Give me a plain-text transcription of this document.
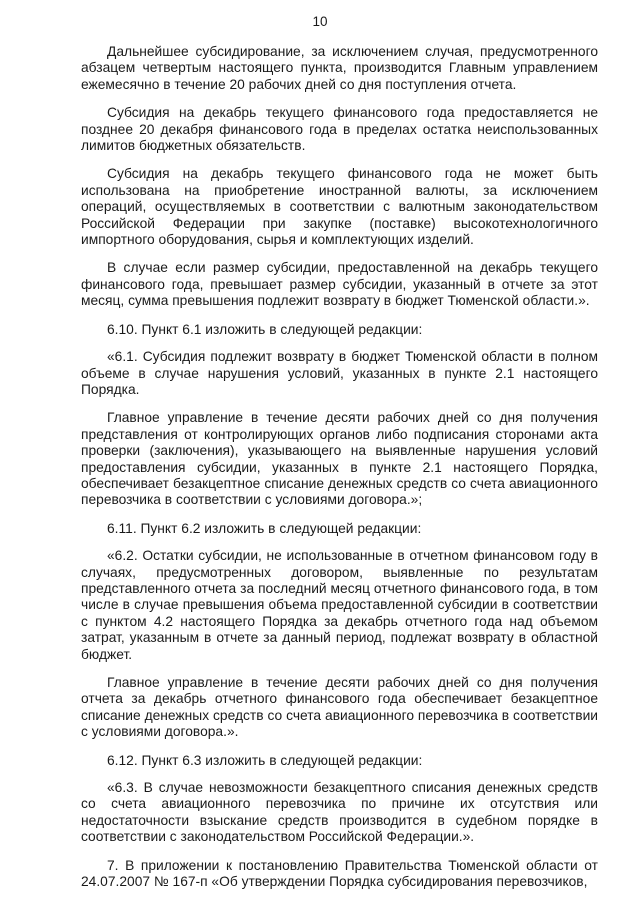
10

Дальнейшее субсидирование, за исключением случая, предусмотренного абзацем четвертым настоящего пункта, производится Главным управлением ежемесячно в течение 20 рабочих дней со дня поступления отчета.

Субсидия на декабрь текущего финансового года предоставляется не позднее 20 декабря финансового года в пределах остатка неиспользованных лимитов бюджетных обязательств.

Субсидия на декабрь текущего финансового года не может быть использована на приобретение иностранной валюты, за исключением операций, осуществляемых в соответствии с валютным законодательством Российской Федерации при закупке (поставке) высокотехнологичного импортного оборудования, сырья и комплектующих изделий.

В случае если размер субсидии, предоставленной на декабрь текущего финансового года, превышает размер субсидии, указанный в отчете за этот месяц, сумма превышения подлежит возврату в бюджет Тюменской области.».

6.10. Пункт 6.1 изложить в следующей редакции:

«6.1. Субсидия подлежит возврату в бюджет Тюменской области в полном объеме в случае нарушения условий, указанных в пункте 2.1 настоящего Порядка.

Главное управление в течение десяти рабочих дней со дня получения представления от контролирующих органов либо подписания сторонами акта проверки (заключения), указывающего на выявленные нарушения условий предоставления субсидии, указанных в пункте 2.1 настоящего Порядка, обеспечивает безакцептное списание денежных средств со счета авиационного перевозчика в соответствии с условиями договора.»;

6.11. Пункт 6.2 изложить в следующей редакции:

«6.2. Остатки субсидии, не использованные в отчетном финансовом году в случаях, предусмотренных договором, выявленные по результатам представленного отчета за последний месяц отчетного финансового года, в том числе в случае превышения объема предоставленной субсидии в соответствии с пунктом 4.2 настоящего Порядка за декабрь отчетного года над объемом затрат, указанным в отчете за данный период, подлежат возврату в областной бюджет.

Главное управление в течение десяти рабочих дней со дня получения отчета за декабрь отчетного финансового года обеспечивает безакцептное списание денежных средств со счета авиационного перевозчика в соответствии с условиями договора.».

6.12. Пункт 6.3 изложить в следующей редакции:

«6.3. В случае невозможности безакцептного списания денежных средств со счета авиационного перевозчика по причине их отсутствия или недостаточности взыскание средств производится в судебном порядке в соответствии с законодательством Российской Федерации.».

7. В приложении к постановлению Правительства Тюменской области от 24.07.2007 № 167-п «Об утверждении Порядка субсидирования перевозчиков,
